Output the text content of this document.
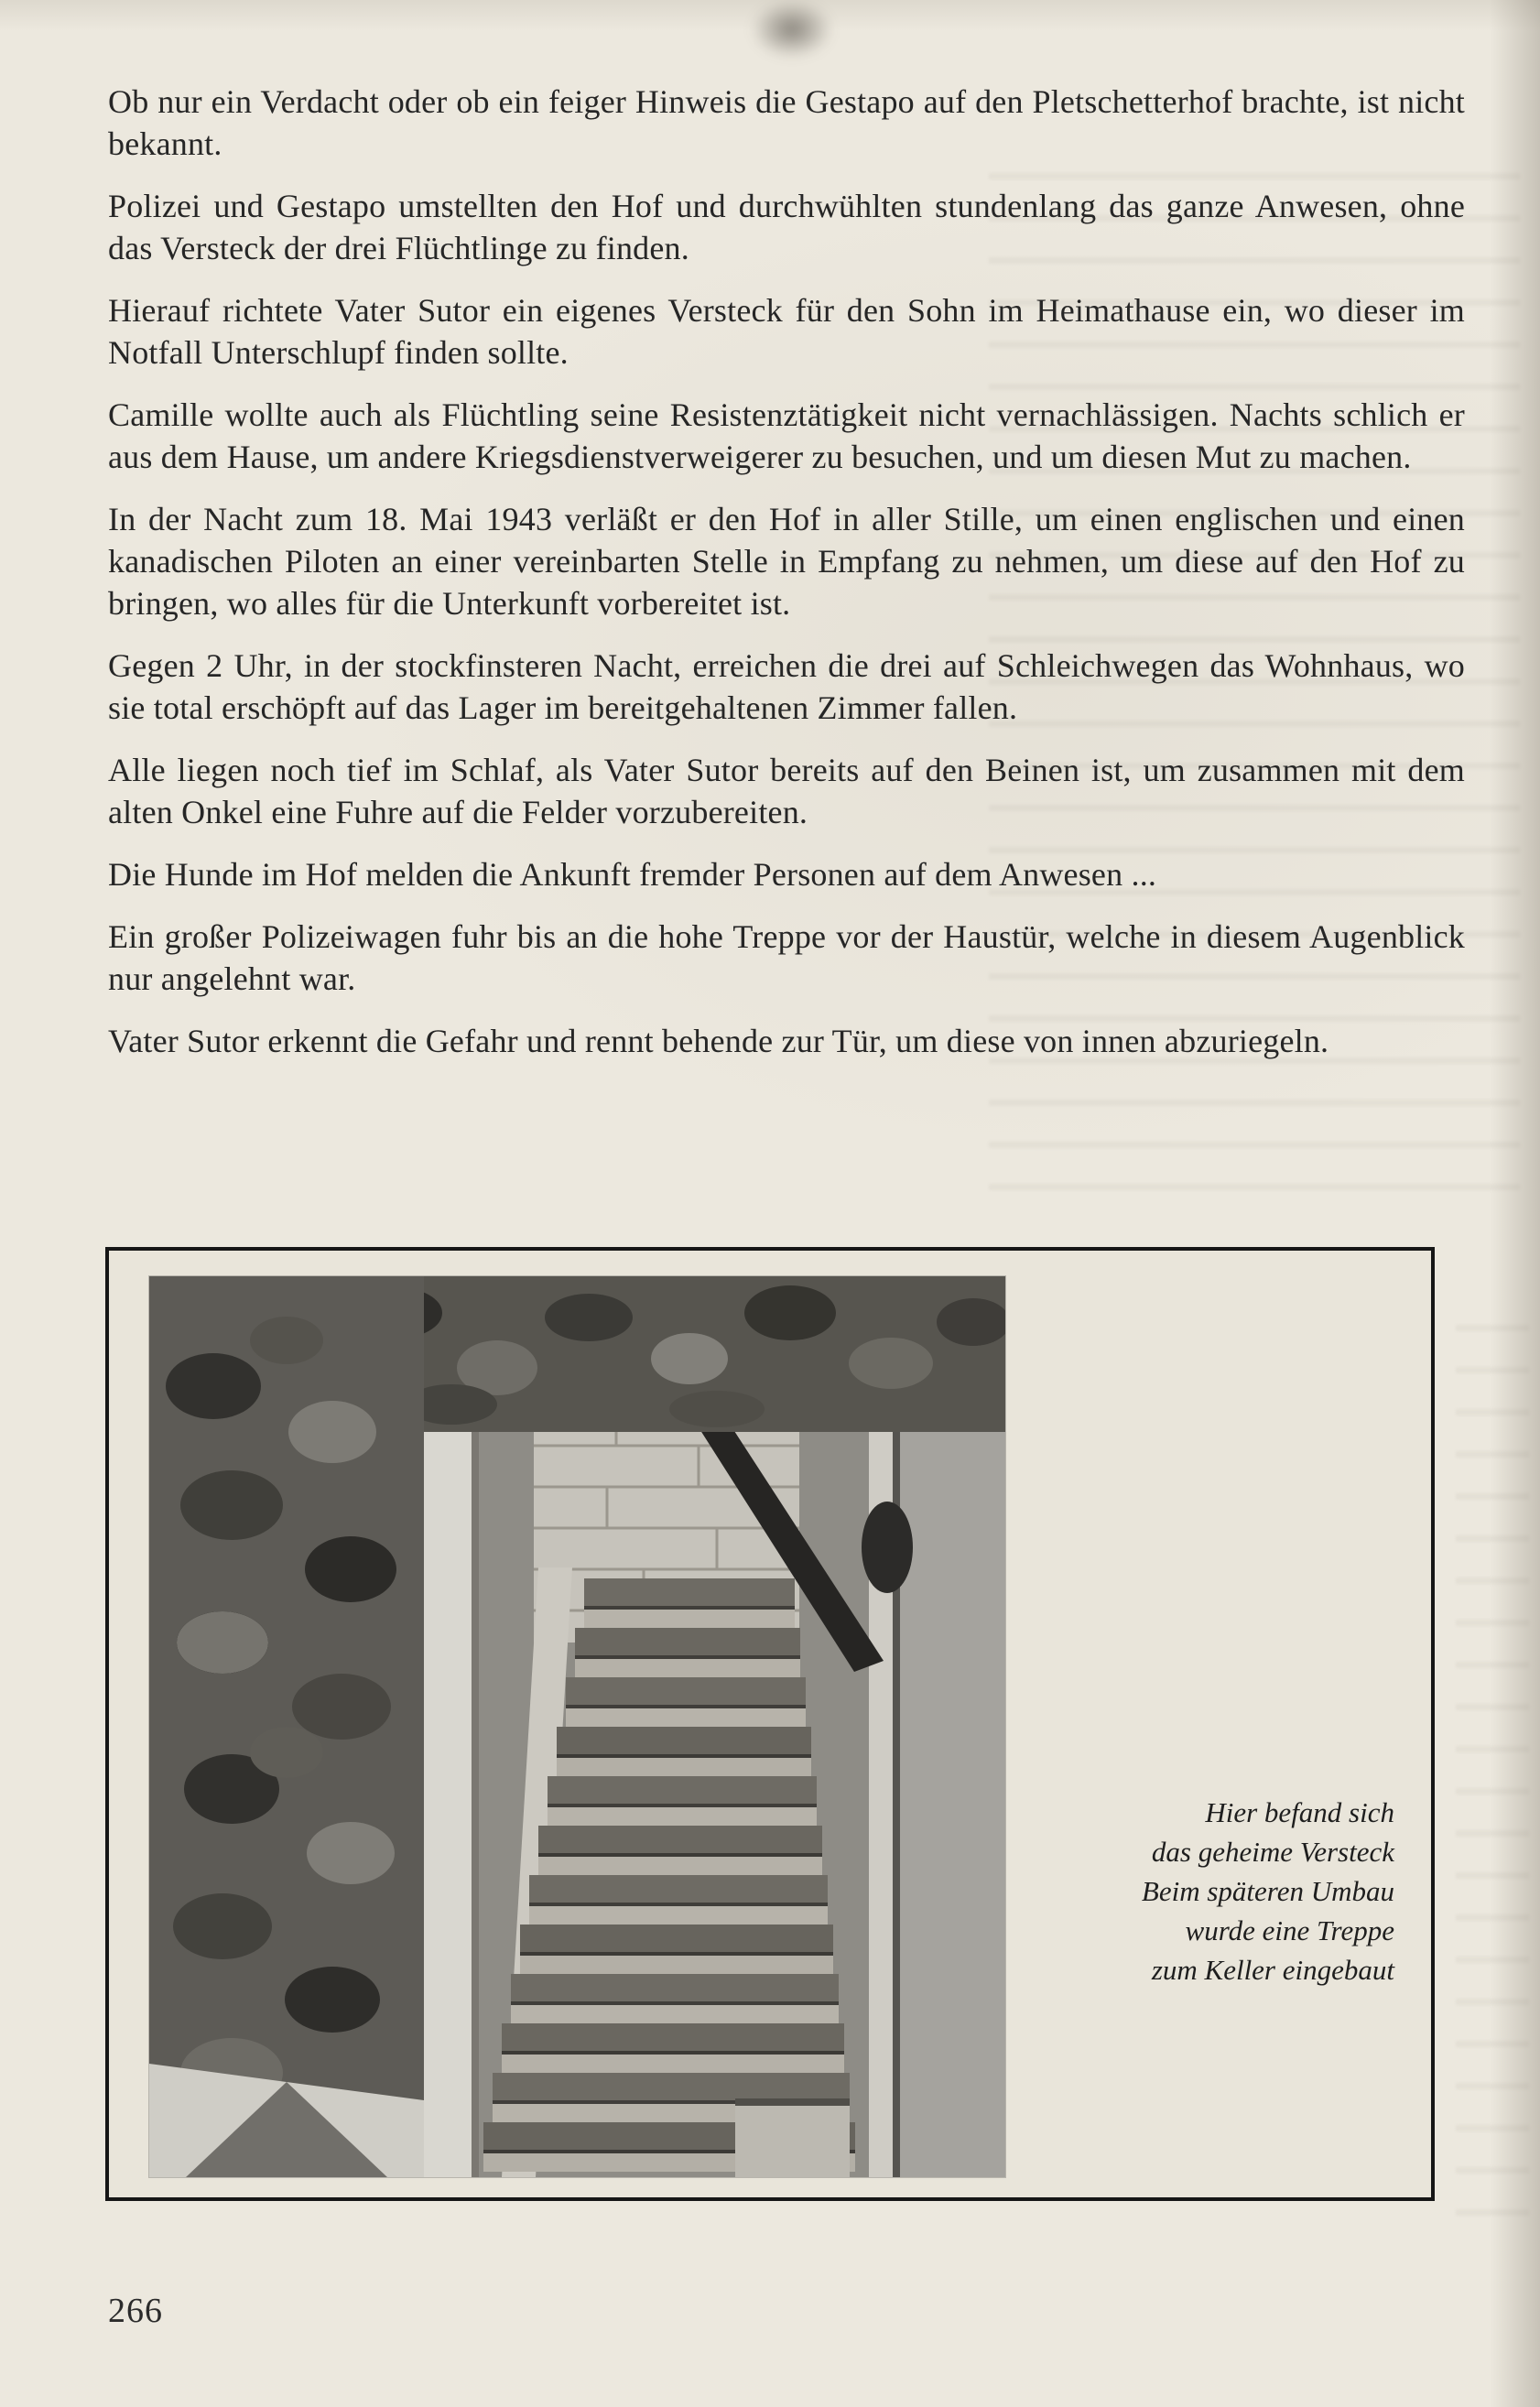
Ob nur ein Verdacht oder ob ein feiger Hinweis die Gestapo auf den Pletschetterhof brachte, ist nicht bekannt.

Polizei und Gestapo umstellten den Hof und durchwühlten stundenlang das ganze Anwesen, ohne das Versteck der drei Flüchtlinge zu finden.

Hierauf richtete Vater Sutor ein eigenes Versteck für den Sohn im Heimathause ein, wo dieser im Notfall Unterschlupf finden sollte.

Camille wollte auch als Flüchtling seine Resistenztätigkeit nicht vernachlässigen. Nachts schlich er aus dem Hause, um andere Kriegsdienstverweigerer zu besuchen, und um diesen Mut zu machen.

In der Nacht zum 18. Mai 1943 verläßt er den Hof in aller Stille, um einen englischen und einen kanadischen Piloten an einer vereinbarten Stelle in Empfang zu nehmen, um diese auf den Hof zu bringen, wo alles für die Unterkunft vorbereitet ist.

Gegen 2 Uhr, in der stockfinsteren Nacht, erreichen die drei auf Schleichwegen das Wohnhaus, wo sie total erschöpft auf das Lager im bereitgehaltenen Zimmer fallen.

Alle liegen noch tief im Schlaf, als Vater Sutor bereits auf den Beinen ist, um zusammen mit dem alten Onkel eine Fuhre auf die Felder vorzubereiten.

Die Hunde im Hof melden die Ankunft fremder Personen auf dem Anwesen ...

Ein großer Polizeiwagen fuhr bis an die hohe Treppe vor der Haustür, welche in diesem Augenblick nur angelehnt war.

Vater Sutor erkennt die Gefahr und rennt behende zur Tür, um diese von innen abzuriegeln.

Hier befand sich
das geheime Versteck
Beim späteren Umbau
wurde eine Treppe
zum Keller eingebaut
266
